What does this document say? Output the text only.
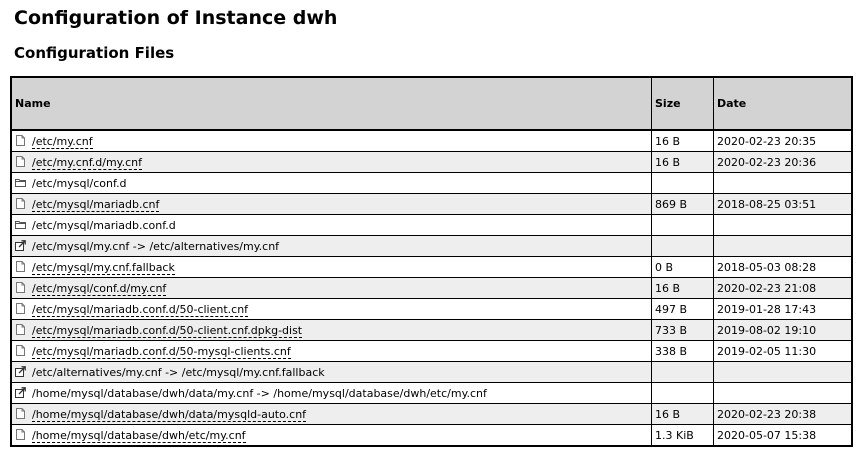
Configuration of Instance dwh
Configuration Files
Name	Size	Date

/etc/my.cnf	16 B	2020-02-23 20:35

/etc/my.cnf.d/my.cnf	16 B	2020-02-23 20:36

/etc/mysql/conf.d		

/etc/mysql/mariadb.cnf	869 B	2018-08-25 03:51

/etc/mysql/mariadb.conf.d		

/etc/mysql/my.cnf -> /etc/alternatives/my.cnf		

/etc/mysql/my.cnf.fallback	0 B	2018-05-03 08:28

/etc/mysql/conf.d/my.cnf	16 B	2020-02-23 21:08

/etc/mysql/mariadb.conf.d/50-client.cnf	497 B	2019-01-28 17:43

/etc/mysql/mariadb.conf.d/50-client.cnf.dpkg-dist	733 B	2019-08-02 19:10

/etc/mysql/mariadb.conf.d/50-mysql-clients.cnf	338 B	2019-02-05 11:30

/etc/alternatives/my.cnf -> /etc/mysql/my.cnf.fallback		

/home/mysql/database/dwh/data/my.cnf -> /home/mysql/database/dwh/etc/my.cnf		

/home/mysql/database/dwh/data/mysqld-auto.cnf	16 B	2020-02-23 20:38

/home/mysql/database/dwh/etc/my.cnf	1.3 KiB	2020-05-07 15:38
